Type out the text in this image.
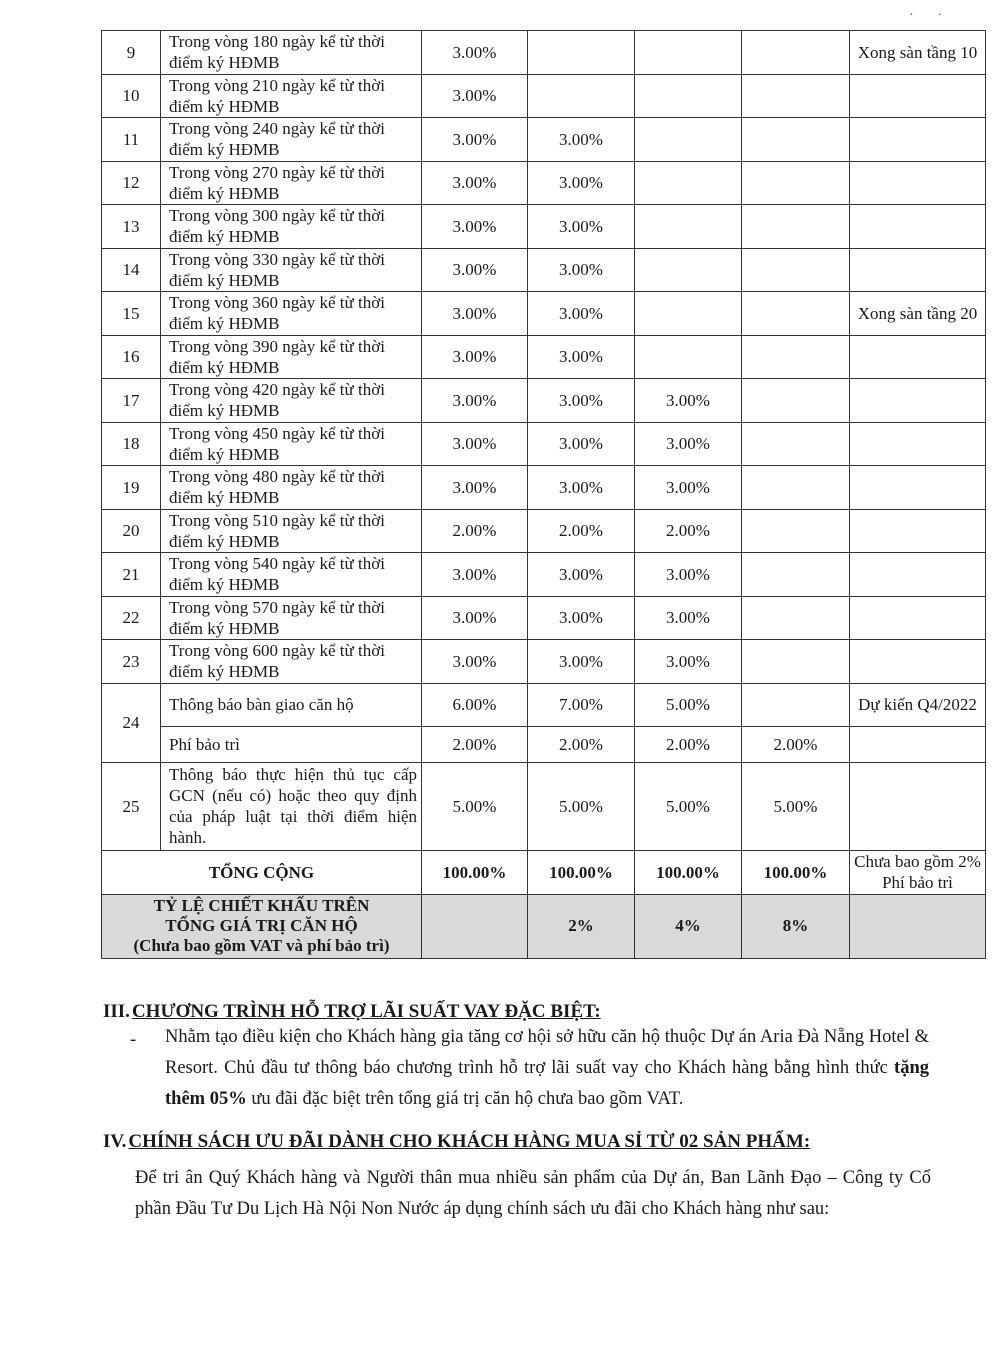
· ·
9	Trong vòng 180 ngày kể từ thời điểm ký HĐMB	3.00%				Xong sàn tầng 10
10	Trong vòng 210 ngày kể từ thời điểm ký HĐMB	3.00%				
11	Trong vòng 240 ngày kể từ thời điểm ký HĐMB	3.00%	3.00%			
12	Trong vòng 270 ngày kể từ thời điểm ký HĐMB	3.00%	3.00%			
13	Trong vòng 300 ngày kể từ thời điểm ký HĐMB	3.00%	3.00%			
14	Trong vòng 330 ngày kể từ thời điểm ký HĐMB	3.00%	3.00%			
15	Trong vòng 360 ngày kể từ thời điểm ký HĐMB	3.00%	3.00%			Xong sàn tầng 20
16	Trong vòng 390 ngày kể từ thời điểm ký HĐMB	3.00%	3.00%			
17	Trong vòng 420 ngày kể từ thời điểm ký HĐMB	3.00%	3.00%	3.00%		
18	Trong vòng 450 ngày kể từ thời điểm ký HĐMB	3.00%	3.00%	3.00%		
19	Trong vòng 480 ngày kể từ thời điểm ký HĐMB	3.00%	3.00%	3.00%		
20	Trong vòng 510 ngày kể từ thời điểm ký HĐMB	2.00%	2.00%	2.00%		
21	Trong vòng 540 ngày kể từ thời điểm ký HĐMB	3.00%	3.00%	3.00%		
22	Trong vòng 570 ngày kể từ thời điểm ký HĐMB	3.00%	3.00%	3.00%		
23	Trong vòng 600 ngày kể từ thời điểm ký HĐMB	3.00%	3.00%	3.00%		
24	Thông báo bàn giao căn hộ	6.00%	7.00%	5.00%		Dự kiến Q4/2022
	Phí bảo trì	2.00%	2.00%	2.00%	2.00%	
25	Thông báo thực hiện thủ tục cấp GCN (nếu có) hoặc theo quy định của pháp luật tại thời điểm hiện hành.	5.00%	5.00%	5.00%	5.00%	
TỔNG CỘNG		100.00%	100.00%	100.00%	100.00%	Chưa bao gồm 2% Phí bảo trì

TỶ LỆ CHIẾT KHẤU TRÊN
TỔNG GIÁ TRỊ CĂN HỘ
(Chưa bao gồm VAT và phí bảo trì)			2%	4%	8%	
III. CHƯƠNG TRÌNH HỖ TRỢ LÃI SUẤT VAY ĐẶC BIỆT:
- Nhằm tạo điều kiện cho Khách hàng gia tăng cơ hội sở hữu căn hộ thuộc Dự án Aria Đà Nẵng Hotel & Resort. Chủ đầu tư thông báo chương trình hỗ trợ lãi suất vay cho Khách hàng bằng hình thức tặng thêm 05% ưu đãi đặc biệt trên tổng giá trị căn hộ chưa bao gồm VAT.
IV. CHÍNH SÁCH ƯU ĐÃI DÀNH CHO KHÁCH HÀNG MUA SỈ TỪ 02 SẢN PHẨM:
Để tri ân Quý Khách hàng và Người thân mua nhiều sản phẩm của Dự án, Ban Lãnh Đạo – Công ty Cổ phần Đầu Tư Du Lịch Hà Nội Non Nước áp dụng chính sách ưu đãi cho Khách hàng như sau:
